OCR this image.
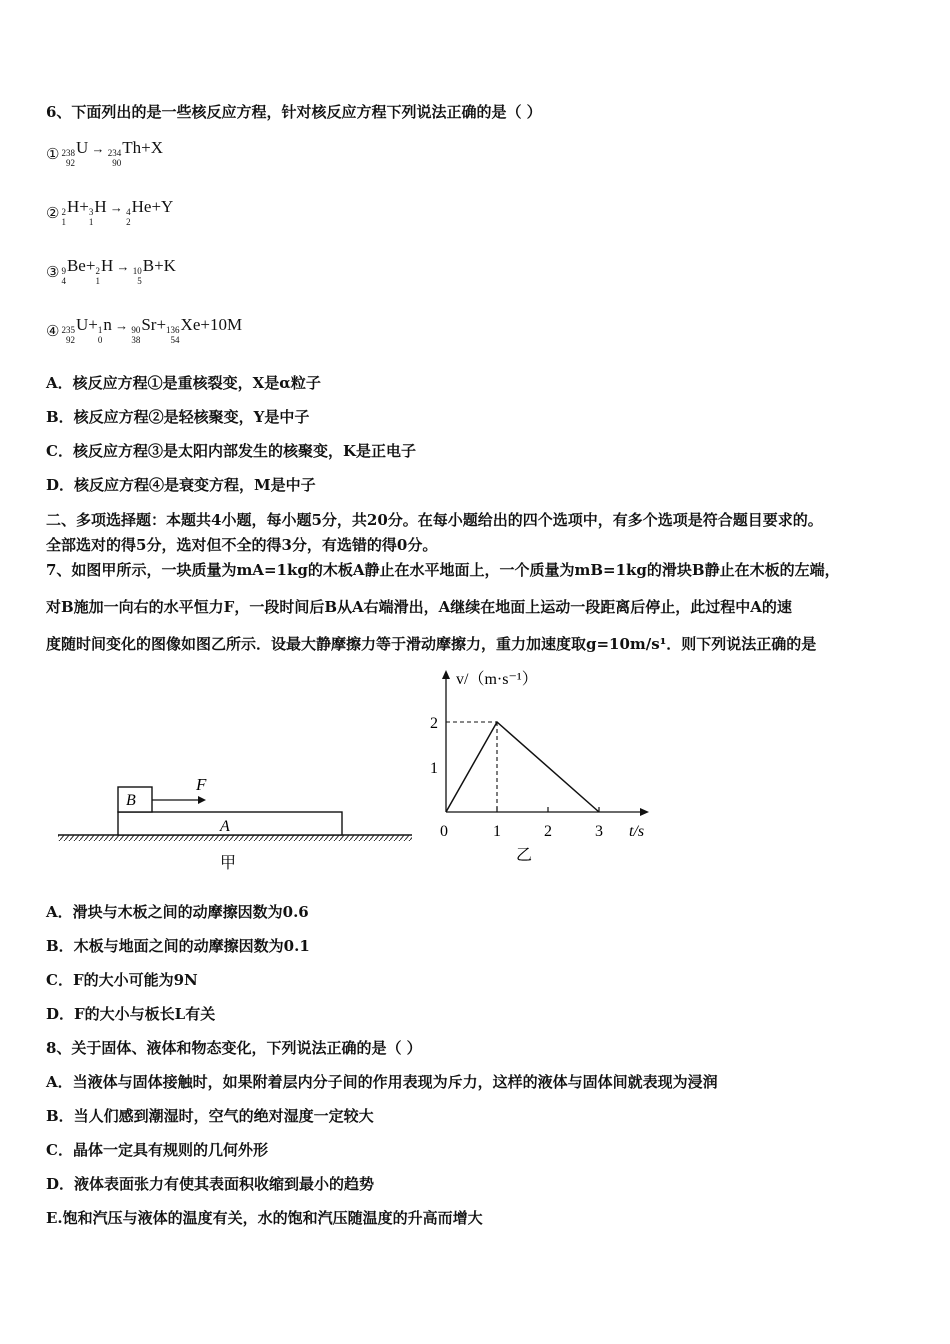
6、下面列出的是一些核反应方程，针对核反应方程下列说法正确的是（ ）
① 238
92
U → 234
90
Th+X
② 2
1
H+ 3
1
H → 4
2
He+Y
③ 9
4
Be+ 2
1
H → 10
5
B+K
④ 235
92
U+ 1
0
n → 90
38
Sr+ 136
54
Xe+10M
A．核反应方程①是重核裂变，X是α粒子
B．核反应方程②是轻核聚变，Y是中子
C．核反应方程③是太阳内部发生的核聚变，K是正电子
D．核反应方程④是衰变方程，M是中子
二、多项选择题：本题共4小题，每小题5分，共20分。在每小题给出的四个选项中，有多个选项是符合题目要求的。
全部选对的得5分，选对但不全的得3分，有选错的得0分。
7、如图甲所示，一块质量为mA=1kg的木板A静止在水平地面上，一个质量为mB=1kg的滑块B静止在木板的左端，
对B施加一向右的水平恒力F，一段时间后B从A右端滑出，A继续在地面上运动一段距离后停止，此过程中A的速
度随时间变化的图像如图乙所示．设最大静摩擦力等于滑动摩擦力，重力加速度取g=10m/s¹．则下列说法正确的是
A
B
F
甲
v/（m·s⁻¹）
t/s
0	1	2	3
1
2
乙
A．滑块与木板之间的动摩擦因数为0.6
B．木板与地面之间的动摩擦因数为0.1
C．F的大小可能为9N
D．F的大小与板长L有关
8、关于固体、液体和物态变化，下列说法正确的是（ ）
A．当液体与固体接触时，如果附着层内分子间的作用表现为斥力，这样的液体与固体间就表现为浸润
B．当人们感到潮湿时，空气的绝对湿度一定较大
C．晶体一定具有规则的几何外形
D．液体表面张力有使其表面积收缩到最小的趋势
E.饱和汽压与液体的温度有关，水的饱和汽压随温度的升高而增大
